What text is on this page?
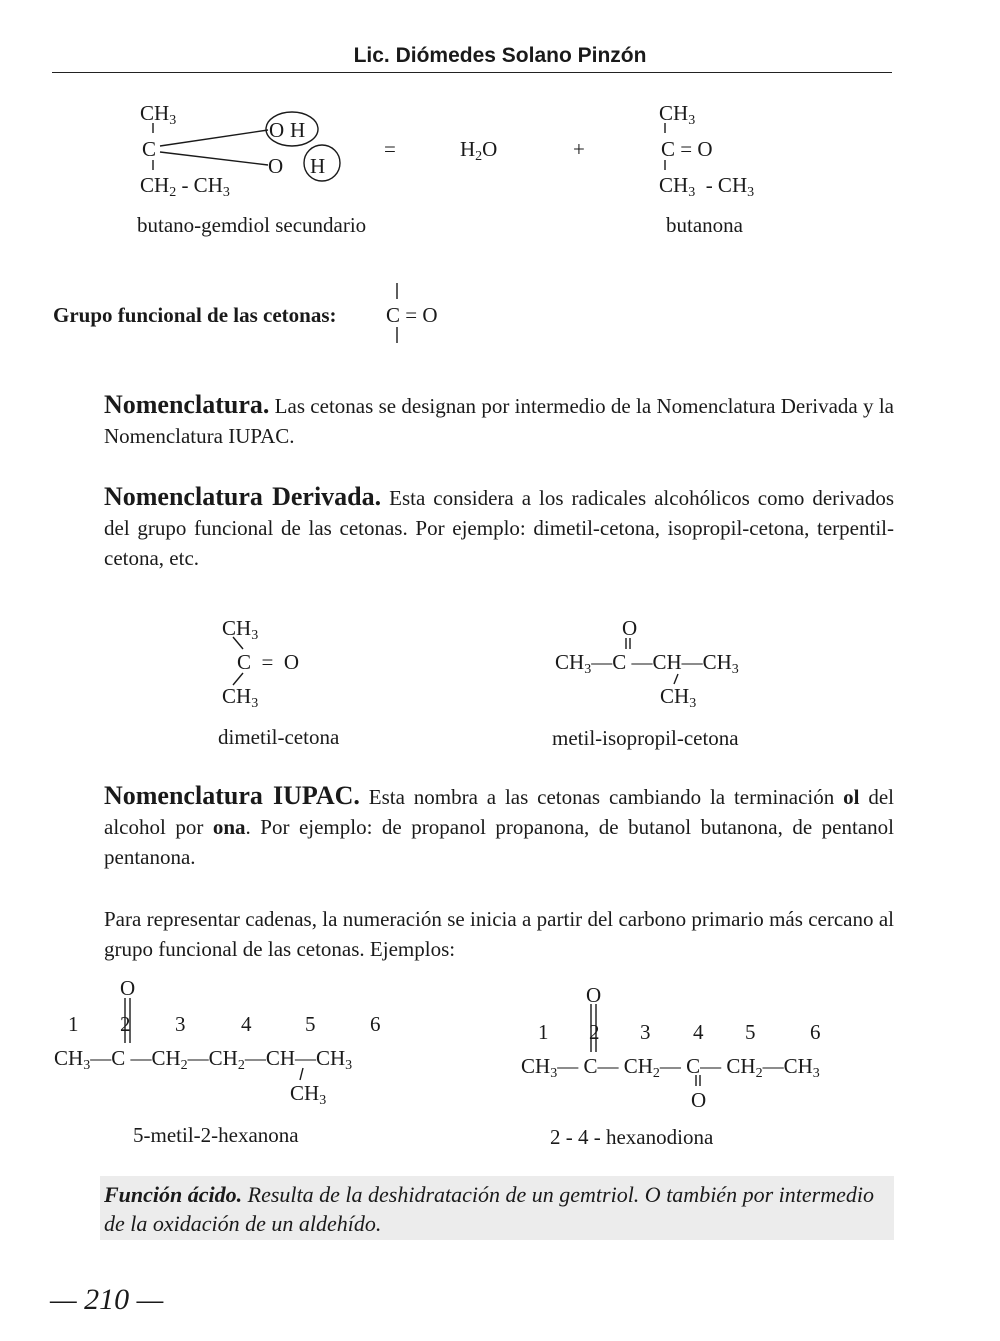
Lic. Diómedes Solano Pinzón
$CH_3$
C
$CH_2 - CH_3$
O H
O H
=	$H_2O$	+
$CH_3$
C = O
$CH_3 - CH_3$
butano-gemdiol secundario	butanona
Grupo funcional de las cetonas: C = O
Nomenclatura. Las cetonas se designan por intermedio de la Nomenclatura Derivada y la Nomenclatura IUPAC.
Nomenclatura Derivada. Esta considera a los radicales alcohólicos como derivados del grupo funcional de las cetonas. Por ejemplo: dimetil-cetona, isopropil-cetona, terpentil-cetona, etc.
$CH_3$
C  =  O
$CH_3$
dimetil-cetona
O
$CH_3—C$ $—CH—CH_3$
$CH_3$
metil-isopropil-cetona
Nomenclatura IUPAC. Esta nombra a las cetonas cambiando la terminación ol del alcohol por ona. Por ejemplo: de propanol propanona, de butanol butanona, de pentanol pentanona.
Para representar cadenas, la numeración se inicia a partir del carbono primario más cercano al grupo funcional de las cetonas. Ejemplos:
O
1 2 3	4	5	6
$CH_3—C$ $—CH_2—CH_2—CH—CH_3$
$CH_3$
5-metil-2-hexanona
O
1 2 3 4 5	6
$CH_3—$ C— $CH_2—$ C— $CH_2—CH_3$
O
2 - 4 - hexanodiona
Función ácido. Resulta de la deshidratación de un gemtriol. O también por intermedio de la oxidación de un aldehído.
— 210 —
